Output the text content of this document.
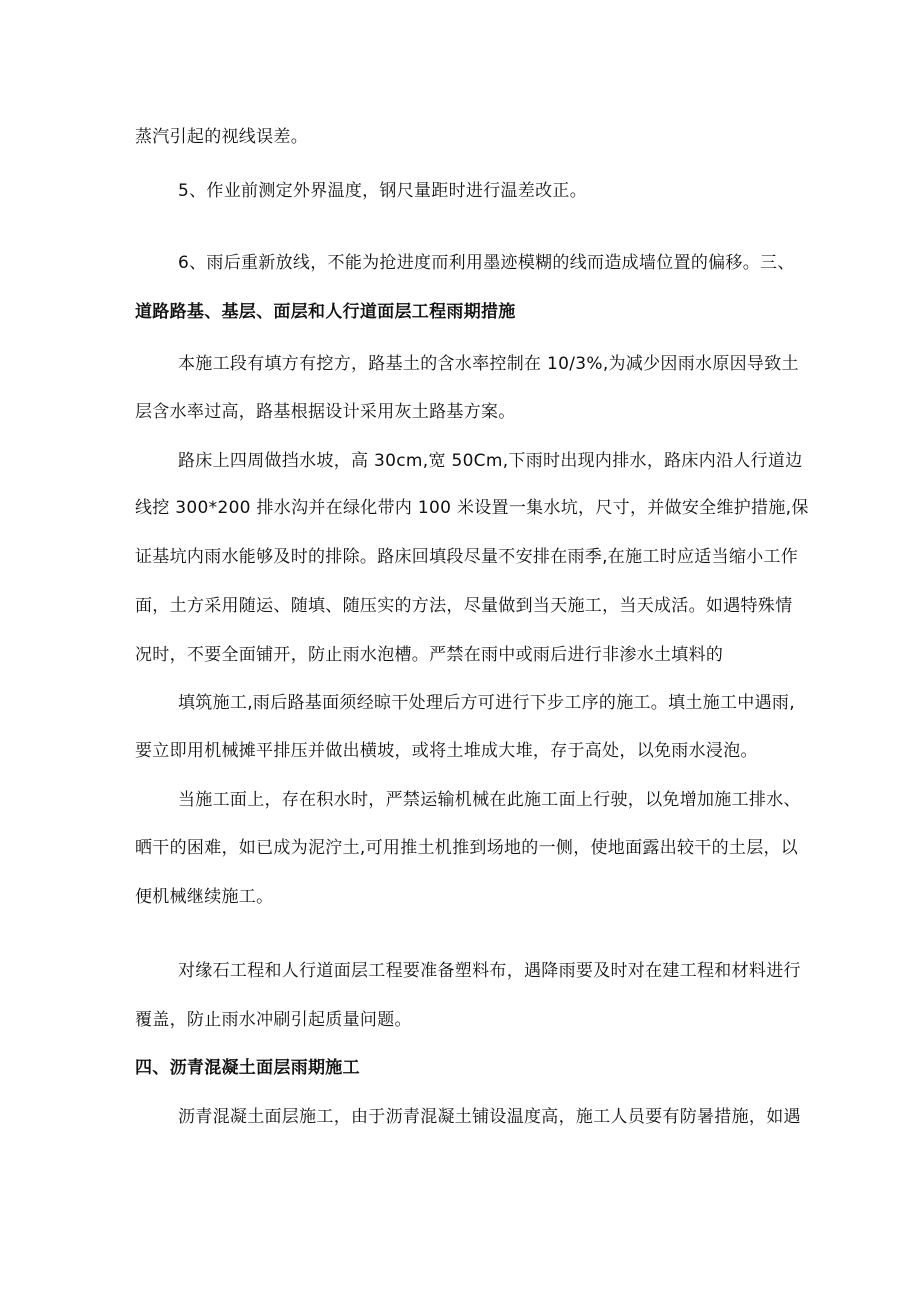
蒸汽引起的视线误差。
5、作业前测定外界温度，钢尺量距时进行温差改正。
6、雨后重新放线，不能为抢进度而利用墨迹模糊的线而造成墙位置的偏移。三、
道路路基、基层、面层和人行道面层工程雨期措施
本施工段有填方有挖方，路基土的含水率控制在 10/3%,为减少因雨水原因导致土
层含水率过高，路基根据设计采用灰土路基方案。
路床上四周做挡水坡，高 30cm,宽 50Cm,下雨时出现内排水，路床内沿人行道边
线挖 300*200 排水沟并在绿化带内 100 米设置一集水坑，尺寸，并做安全维护措施,保
证基坑内雨水能够及时的排除。路床回填段尽量不安排在雨季,在施工时应适当缩小工作
面，土方采用随运、随填、随压实的方法，尽量做到当天施工，当天成活。如遇特殊情
况时，不要全面铺开，防止雨水泡槽。严禁在雨中或雨后进行非渗水土填料的
填筑施工,雨后路基面须经晾干处理后方可进行下步工序的施工。填土施工中遇雨,
要立即用机械摊平排压并做出横坡，或将土堆成大堆，存于高处，以免雨水浸泡。
当施工面上，存在积水时，严禁运输机械在此施工面上行驶，以免增加施工排水、
晒干的困难，如已成为泥泞土,可用推土机推到场地的一侧，使地面露出较干的土层，以
便机械继续施工。
对缘石工程和人行道面层工程要准备塑料布，遇降雨要及时对在建工程和材料进行
覆盖，防止雨水冲刷引起质量问题。
四、沥青混凝土面层雨期施工
沥青混凝土面层施工，由于沥青混凝土铺设温度高，施工人员要有防暑措施，如遇
